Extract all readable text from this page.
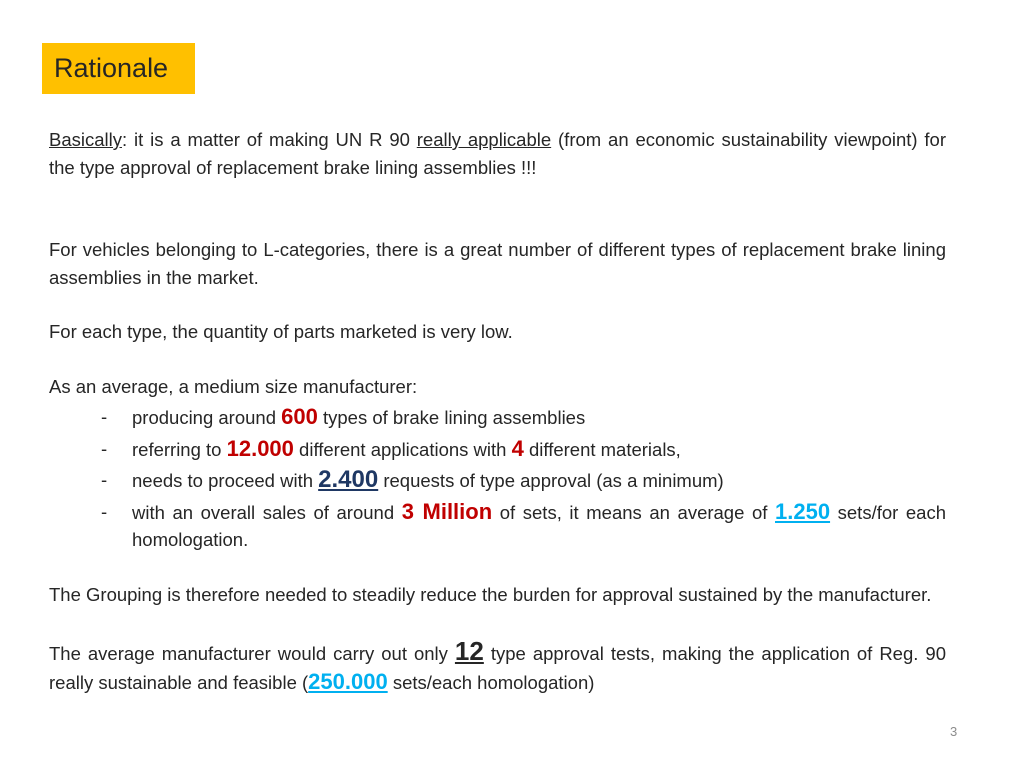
Rationale

Basically: it is a matter of making UN R 90 really applicable (from an economic sustainability viewpoint) for the type approval of replacement brake lining assemblies !!!

For vehicles belonging to L-categories, there is a great number of different types of replacement brake lining assemblies in the market.

For each type, the quantity of parts marketed is very low.

As an average, a medium size manufacturer:

- producing around 600 types of brake lining assemblies
- referring to 12.000 different applications with 4 different materials,
- needs to proceed with 2.400 requests of type approval (as a minimum)
- with an overall sales of around 3 Million of sets, it means an average of 1.250 sets/for each homologation.

The Grouping is therefore needed to steadily reduce the burden for approval sustained by the manufacturer.

The average manufacturer would carry out only 12 type approval tests, making the application of Reg. 90 really sustainable and feasible (250.000 sets/each homologation)

3
